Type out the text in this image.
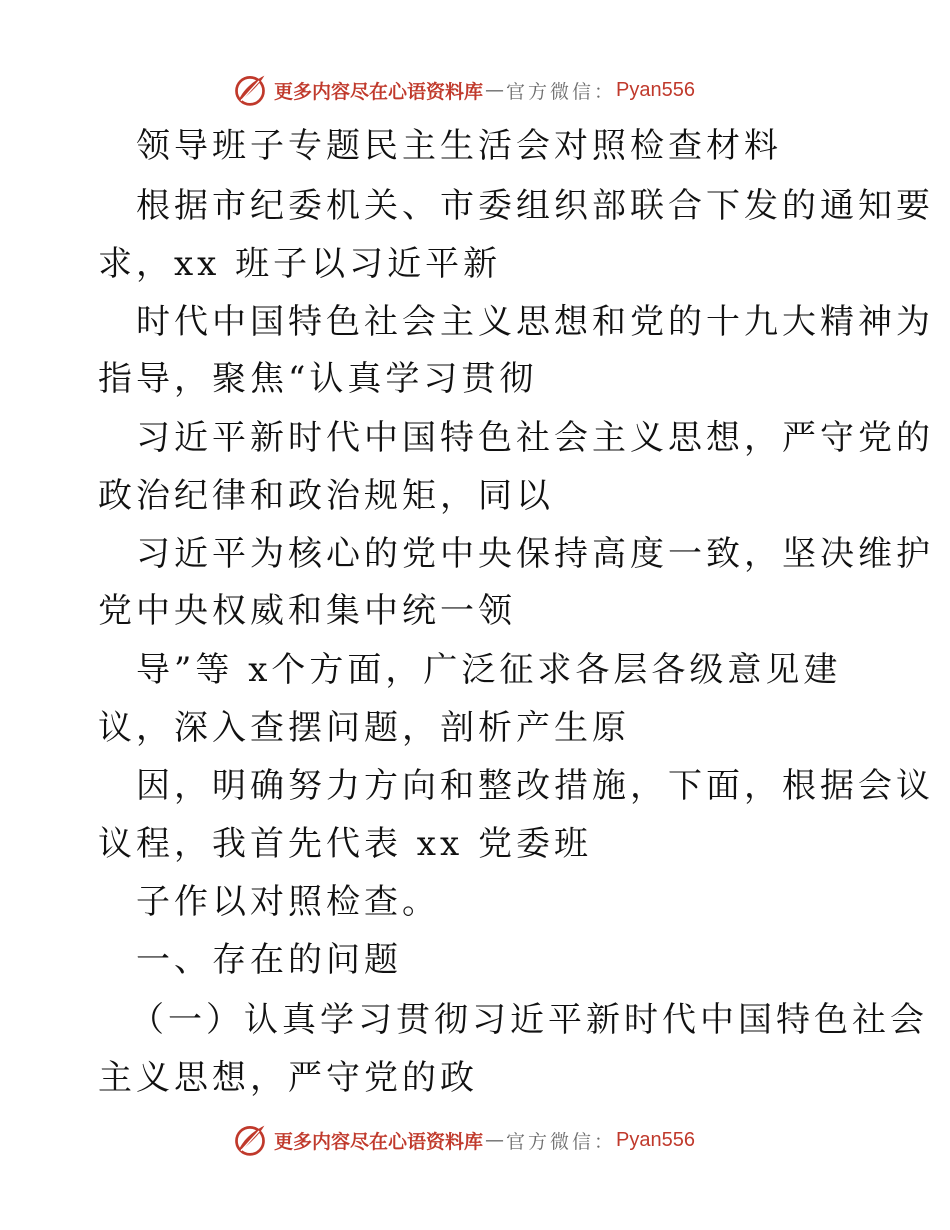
更多内容尽在心语资料库 — 官方微信： Pyan556
领导班子专题民主生活会对照检查材料
根据市纪委机关、市委组织部联合下发的通知要
求，xx 班子以习近平新
时代中国特色社会主义思想和党的十九大精神为
指导，聚焦“认真学习贯彻
习近平新时代中国特色社会主义思想，严守党的
政治纪律和政治规矩，同以
习近平为核心的党中央保持高度一致，坚决维护
党中央权威和集中统一领
导”等 x个方面，广泛征求各层各级意见建
议，深入查摆问题，剖析产生原
因，明确努力方向和整改措施，下面，根据会议
议程，我首先代表 xx 党委班
子作以对照检查。
一、存在的问题
（一）认真学习贯彻习近平新时代中国特色社会
主义思想，严守党的政
更多内容尽在心语资料库 — 官方微信： Pyan556
